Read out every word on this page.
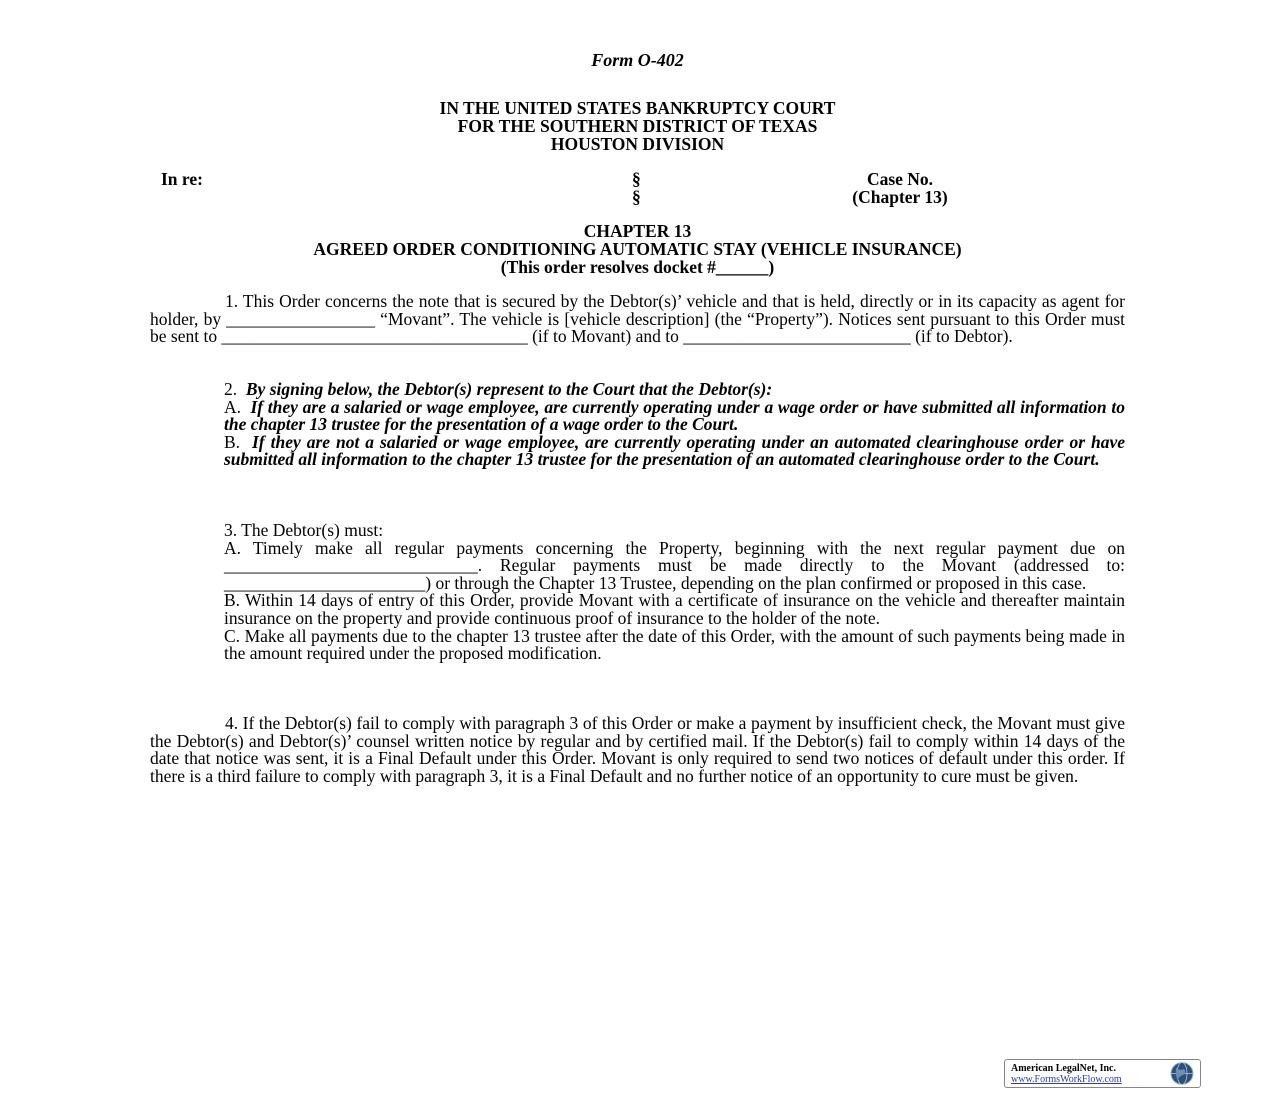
Form O-402
IN THE UNITED STATES BANKRUPTCY COURT
FOR THE SOUTHERN DISTRICT OF TEXAS
HOUSTON DIVISION
In re:	§
§
Case No.
(Chapter 13)
CHAPTER 13
AGREED ORDER CONDITIONING AUTOMATIC STAY (VEHICLE INSURANCE)
(This order resolves docket #______)
1. This Order concerns the note that is secured by the Debtor(s)’ vehicle and that is held, directly or in its capacity as agent for holder, by _________________ “Movant”. The vehicle is [vehicle description] (the “Property”). Notices sent pursuant to this Order must be sent to ___________________________________ (if to Movant) and to __________________________ (if to Debtor).
2. By signing below, the Debtor(s) represent to the Court that the Debtor(s):
A. If they are a salaried or wage employee, are currently operating under a wage order or have submitted all information to the chapter 13 trustee for the presentation of a wage order to the Court.
B. If they are not a salaried or wage employee, are currently operating under an automated clearinghouse order or have submitted all information to the chapter 13 trustee for the presentation of an automated clearinghouse order to the Court.
3. The Debtor(s) must:
A. Timely make all regular payments concerning the Property, beginning with the next regular payment due on _____________________________. Regular payments must be made directly to the Movant (addressed to: _______________________) or through the Chapter 13 Trustee, depending on the plan confirmed or proposed in this case.
B. Within 14 days of entry of this Order, provide Movant with a certificate of insurance on the vehicle and thereafter maintain insurance on the property and provide continuous proof of insurance to the holder of the note.
C. Make all payments due to the chapter 13 trustee after the date of this Order, with the amount of such payments being made in the amount required under the proposed modification.
4. If the Debtor(s) fail to comply with paragraph 3 of this Order or make a payment by insufficient check, the Movant must give the Debtor(s) and Debtor(s)’ counsel written notice by regular and by certified mail. If the Debtor(s) fail to comply within 14 days of the date that notice was sent, it is a Final Default under this Order. Movant is only required to send two notices of default under this order. If there is a third failure to comply with paragraph 3, it is a Final Default and no further notice of an opportunity to cure must be given.
American LegalNet, Inc.
www.FormsWorkFlow.com
